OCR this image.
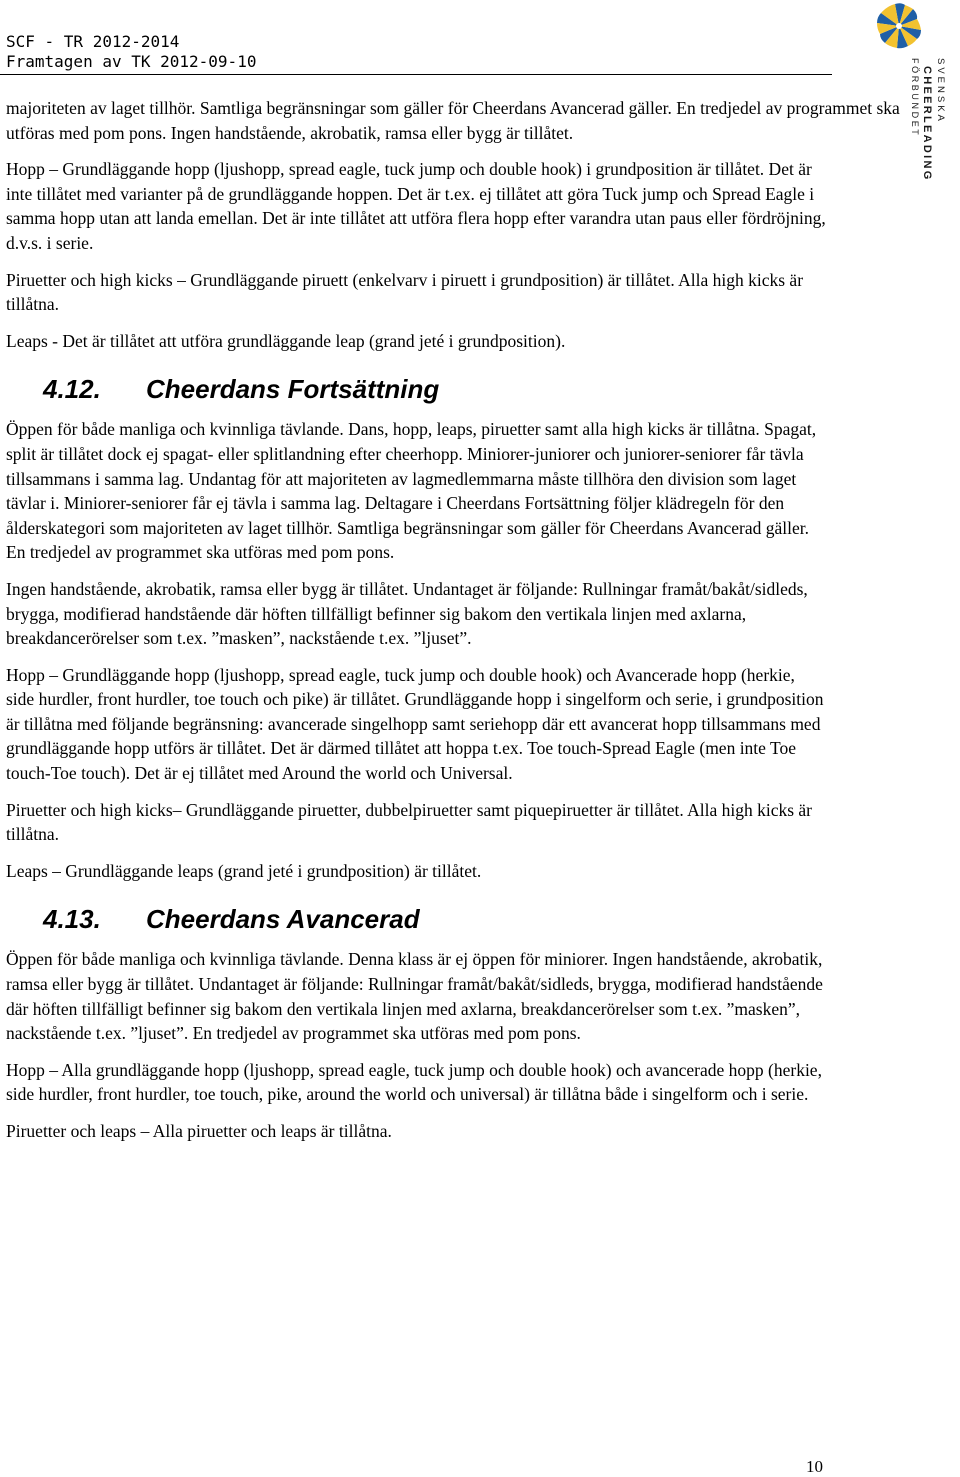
SCF - TR 2012-2014
Framtagen av TK 2012-09-10	SVENSKA
CHEERLEADING
FÖRBUNDET

majoriteten av laget tillhör. Samtliga begränsningar som gäller för Cheerdans Avancerad gäller. En tredjedel av programmet ska utföras med pom pons. Ingen handstående, akrobatik, ramsa eller bygg är tillåtet.

Hopp – Grundläggande hopp (ljushopp, spread eagle, tuck jump och double hook) i grundposition är tillåtet. Det är inte tillåtet med varianter på de grundläggande hoppen. Det är t.ex. ej tillåtet att göra Tuck jump och Spread Eagle i samma hopp utan att landa emellan. Det är inte tillåtet att utföra flera hopp efter varandra utan paus eller fördröjning, d.v.s. i serie.

Piruetter och high kicks – Grundläggande piruett (enkelvarv i piruett i grundposition) är tillåtet. Alla high kicks är tillåtna.

Leaps - Det är tillåtet att utföra grundläggande leap (grand jeté i grundposition).

4.12. Cheerdans Fortsättning

Öppen för både manliga och kvinnliga tävlande. Dans, hopp, leaps, piruetter samt alla high kicks är tillåtna. Spagat, split är tillåtet dock ej spagat- eller splitlandning efter cheerhopp. Miniorer-juniorer och juniorer-seniorer får tävla tillsammans i samma lag. Undantag för att majoriteten av lagmedlemmarna måste tillhöra den division som laget tävlar i. Miniorer-seniorer får ej tävla i samma lag. Deltagare i Cheerdans Fortsättning följer klädregeln för den ålderskategori som majoriteten av laget tillhör. Samtliga begränsningar som gäller för Cheerdans Avancerad gäller. En tredjedel av programmet ska utföras med pom pons.

Ingen handstående, akrobatik, ramsa eller bygg är tillåtet. Undantaget är följande: Rullningar framåt/bakåt/sidleds, brygga, modifierad handstående där höften tillfälligt befinner sig bakom den vertikala linjen med axlarna, breakdancerörelser som t.ex. ”masken”, nackstående t.ex. ”ljuset”.

Hopp – Grundläggande hopp (ljushopp, spread eagle, tuck jump och double hook) och Avancerade hopp (herkie, side hurdler, front hurdler, toe touch och pike) är tillåtet. Grundläggande hopp i singelform och serie, i grundposition är tillåtna med följande begränsning: avancerade singelhopp samt seriehopp där ett avancerat hopp tillsammans med grundläggande hopp utförs är tillåtet. Det är därmed tillåtet att hoppa t.ex. Toe touch-Spread Eagle (men inte Toe touch-Toe touch). Det är ej tillåtet med Around the world och Universal.

Piruetter och high kicks– Grundläggande piruetter, dubbelpiruetter samt piquepiruetter är tillåtet. Alla high kicks är tillåtna.

Leaps – Grundläggande leaps (grand jeté i grundposition) är tillåtet.

4.13. Cheerdans Avancerad

Öppen för både manliga och kvinnliga tävlande. Denna klass är ej öppen för miniorer. Ingen handstående, akrobatik, ramsa eller bygg är tillåtet. Undantaget är följande: Rullningar framåt/bakåt/sidleds, brygga, modifierad handstående där höften tillfälligt befinner sig bakom den vertikala linjen med axlarna, breakdancerörelser som t.ex. ”masken”, nackstående t.ex. ”ljuset”. En tredjedel av programmet ska utföras med pom pons.

Hopp – Alla grundläggande hopp (ljushopp, spread eagle, tuck jump och double hook) och avancerade hopp (herkie, side hurdler, front hurdler, toe touch, pike, around the world och universal) är tillåtna både i singelform och i serie.

Piruetter och leaps – Alla piruetter och leaps är tillåtna.

10
